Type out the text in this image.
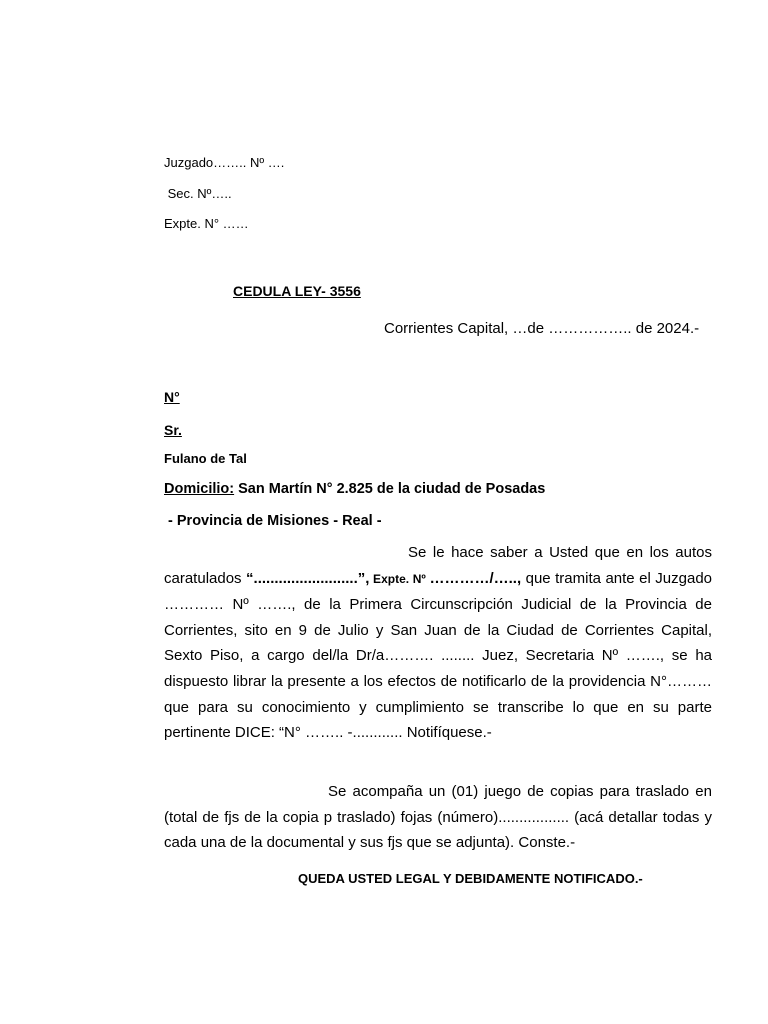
Juzgado…….. Nº ….
Sec. Nº…..
Expte. N° ……
CEDULA LEY- 3556
Corrientes Capital, …de …………….. de 2024.-
N°
Sr.
Fulano de Tal
Domicilio: San Martín N° 2.825 de la ciudad de Posadas
- Provincia de Misiones - Real -
Se le hace saber a Usted que en los autos caratulados “.........................”, Expte. Nº …………/….., que tramita ante el Juzgado ………… Nº ……., de la Primera Circunscripción Judicial de la Provincia de Corrientes, sito en 9 de Julio y San Juan de la Ciudad de Corrientes Capital, Sexto Piso, a cargo del/la Dr/a………. ........ Juez, Secretaria Nº ……., se ha dispuesto librar la presente a los efectos de notificarlo de la providencia N°……… que para su conocimiento y cumplimiento se transcribe lo que en su parte pertinente DICE: “N° …….. -............ Notifíquese.-
Se acompaña un (01) juego de copias para traslado en (total de fjs de la copia p traslado) fojas (número)................. (acá detallar todas y cada una de la documental y sus fjs que se adjunta). Conste.-
QUEDA USTED LEGAL Y DEBIDAMENTE NOTIFICADO.-
